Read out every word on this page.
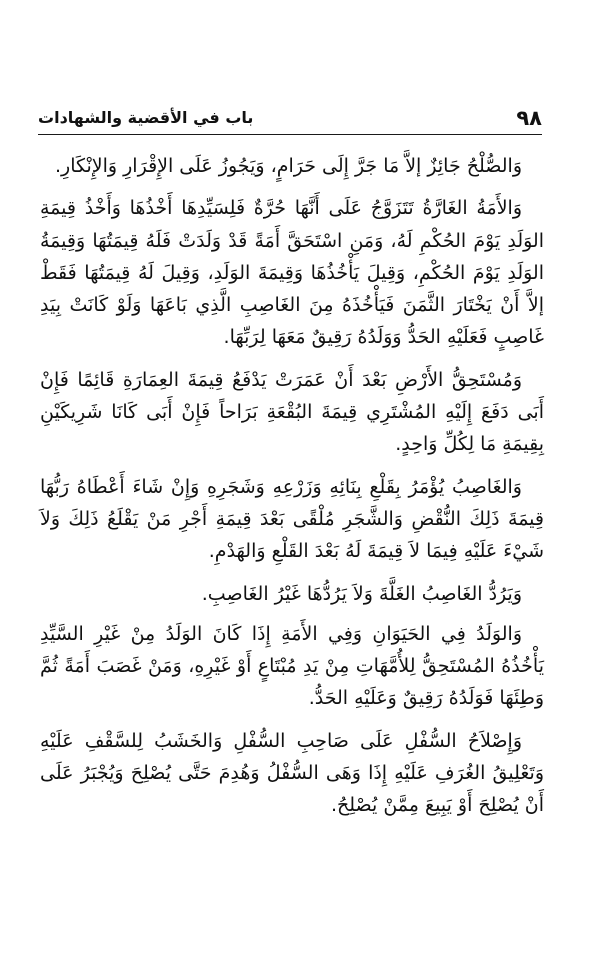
٩٨
باب في الأقضية والشهادات

وَالصُّلْحُ جَائِزٌ إلاَّ مَا جَرَّ إِلَى حَرَامٍ، وَيَجُوزُ عَلَى الإِقْرَارِ وَالإِنْكَارِ.

وَالأَمَةُ الغَارَّةُ تَتَزَوَّجُ عَلَى أَنَّهَا حُرَّةٌ فَلِسَيِّدِهَا أَخْذُهَا وَأَخْذُ قِيمَةِ الوَلَدِ يَوْمَ الحُكْمِ لَهُ، وَمَنِ اسْتَحَقَّ أَمَةً قَدْ وَلَدَتْ فَلَهُ قِيمَتُهَا وَقِيمَةُ الوَلَدِ يَوْمَ الحُكْمِ، وَقِيلَ يَأْخُذُهَا وَقِيمَةَ الوَلَدِ، وَقِيلَ لَهُ قِيمَتُهَا فَقَطْ إلاَّ أَنْ يَخْتَارَ الثَّمَنَ فَيَأْخُذَهُ مِنَ الغَاصِبِ الَّذِي بَاعَهَا وَلَوْ كَانَتْ بِيَدِ غَاصِبٍ فَعَلَيْهِ الحَدُّ وَوَلَدُهُ رَقِيقٌ مَعَهَا لِرَبِّهَا.

وَمُسْتَحِقُّ الأَرْضِ بَعْدَ أَنْ عَمَرَتْ يَدْفَعُ قِيمَةَ العِمَارَةِ قَائِمًا فَإِنْ أَبَى دَفَعَ إِلَيْهِ المُشْتَرِي قِيمَةَ البُقْعَةِ بَرَاحاً فَإِنْ أَبَى كَانَا شَرِيكَيْنِ بِقِيمَةِ مَا لِكُلِّ وَاحِدٍ.

وَالغَاصِبُ يُؤْمَرُ بِقَلْعِ بِنَائِهِ وَزَرْعِهِ وَشَجَرِهِ وَإِنْ شَاءَ أَعْطَاهُ رَبُّهَا قِيمَةَ ذَلِكَ النُّقْضِ وَالشَّجَرِ مُلْقًى بَعْدَ قِيمَةِ أَجْرِ مَنْ يَقْلَعُ ذَلِكَ وَلاَ شَيْءَ عَلَيْهِ فِيمَا لاَ قِيمَةَ لَهُ بَعْدَ القَلْعِ وَالهَدْمِ.

وَيَرُدُّ الغَاصِبُ الغَلَّةَ وَلاَ يَرُدُّهَا غَيْرُ الغَاصِبِ.

وَالوَلَدُ فِي الحَيَوَانِ وَفِي الأَمَةِ إِذَا كَانَ الوَلَدُ مِنْ غَيْرِ السَّيِّدِ يَأْخُذُهُ المُسْتَحِقُّ لِلأُمَّهَاتِ مِنْ يَدِ مُبْتَاعٍ أَوْ غَيْرِهِ، وَمَنْ غَصَبَ أَمَةً ثُمَّ وَطِئَهَا فَوَلَدُهُ رَقِيقٌ وَعَلَيْهِ الحَدُّ.

وَإِصْلاَحُ السُّفْلِ عَلَى صَاحِبِ السُّفْلِ وَالخَشَبُ لِلسَّقْفِ عَلَيْهِ وَتَعْلِيقُ الغُرَفِ عَلَيْهِ إِذَا وَهَى السُّفْلُ وَهُدِمَ حَتَّى يُصْلِحَ وَيُجْبَرُ عَلَى أَنْ يُصْلِحَ أَوْ يَبِيعَ مِمَّنْ يُصْلِحُ.
